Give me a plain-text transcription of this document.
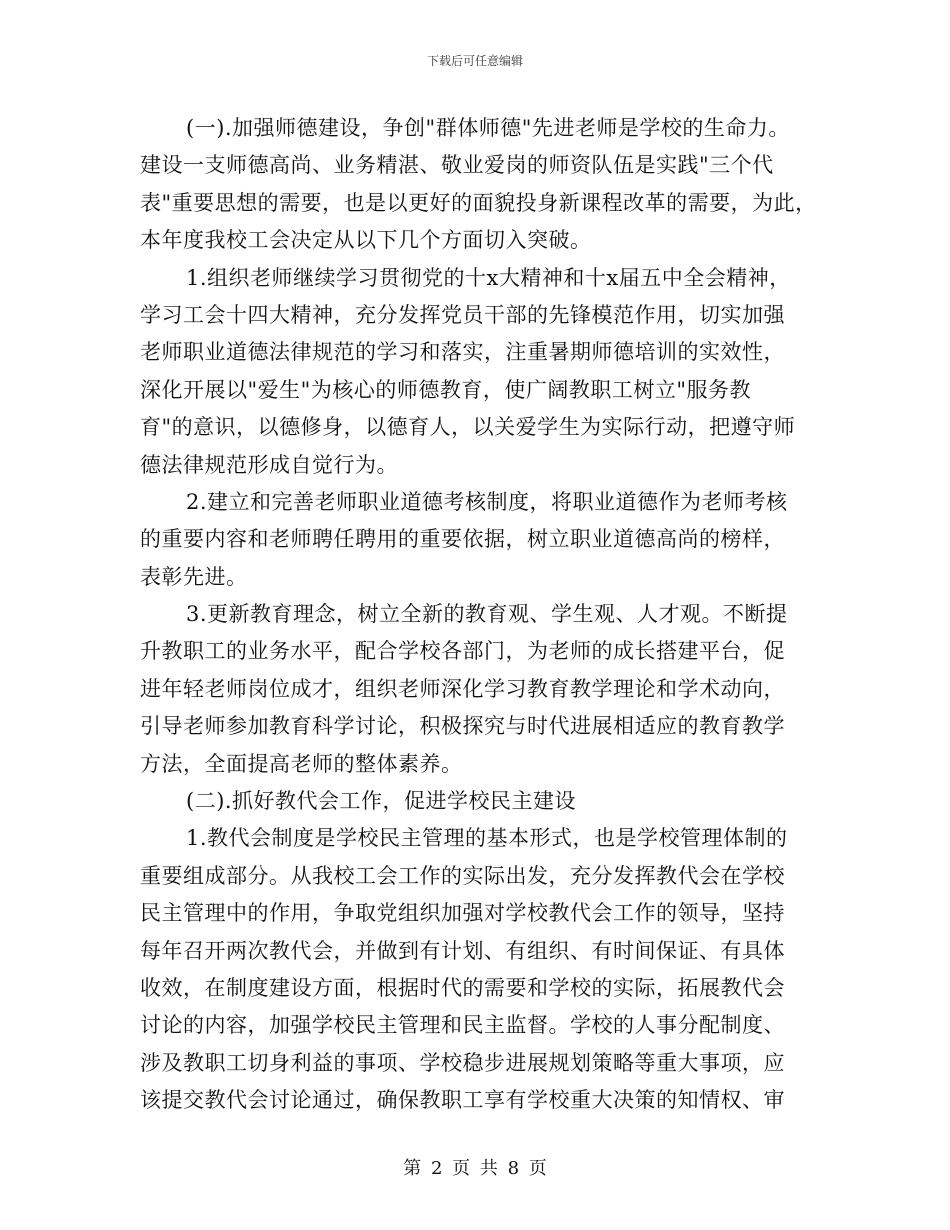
下载后可任意编辑
(一).加强师德建设，争创"群体师德"先进老师是学校的生命力。
建设一支师德高尚、业务精湛、敬业爱岗的师资队伍是实践"三个代
表"重要思想的需要，也是以更好的面貌投身新课程改革的需要，为此，
本年度我校工会决定从以下几个方面切入突破。
1.组织老师继续学习贯彻党的十x大精神和十x届五中全会精神，
学习工会十四大精神，充分发挥党员干部的先锋模范作用，切实加强
老师职业道德法律规范的学习和落实，注重暑期师德培训的实效性，
深化开展以"爱生"为核心的师德教育，使广阔教职工树立"服务教
育"的意识，以德修身，以德育人，以关爱学生为实际行动，把遵守师
德法律规范形成自觉行为。
2.建立和完善老师职业道德考核制度，将职业道德作为老师考核
的重要内容和老师聘任聘用的重要依据，树立职业道德高尚的榜样，
表彰先进。
3.更新教育理念，树立全新的教育观、学生观、人才观。不断提
升教职工的业务水平，配合学校各部门，为老师的成长搭建平台，促
进年轻老师岗位成才，组织老师深化学习教育教学理论和学术动向，
引导老师参加教育科学讨论，积极探究与时代进展相适应的教育教学
方法，全面提高老师的整体素养。
(二).抓好教代会工作，促进学校民主建设
1.教代会制度是学校民主管理的基本形式，也是学校管理体制的
重要组成部分。从我校工会工作的实际出发，充分发挥教代会在学校
民主管理中的作用，争取党组织加强对学校教代会工作的领导，坚持
每年召开两次教代会，并做到有计划、有组织、有时间保证、有具体
收效，在制度建设方面，根据时代的需要和学校的实际，拓展教代会
讨论的内容，加强学校民主管理和民主监督。学校的人事分配制度、
涉及教职工切身利益的事项、学校稳步进展规划策略等重大事项，应
该提交教代会讨论通过，确保教职工享有学校重大决策的知情权、审
第 2 页 共 8 页
